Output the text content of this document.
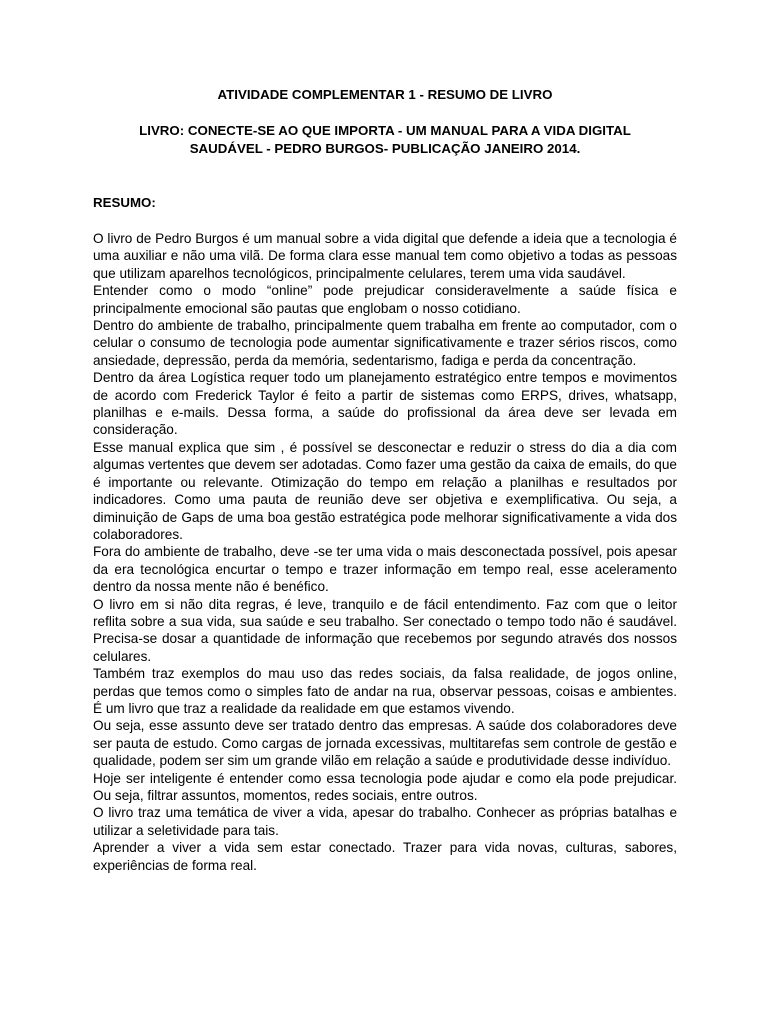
ATIVIDADE COMPLEMENTAR 1 - RESUMO DE LIVRO

LIVRO: CONECTE-SE AO QUE IMPORTA - UM MANUAL PARA A VIDA DIGITAL
SAUDÁVEL - PEDRO BURGOS- PUBLICAÇÃO JANEIRO 2014.

RESUMO:

O livro de Pedro Burgos é um manual sobre a vida digital que defende a ideia que a tecnologia é uma auxiliar e não uma vilã. De forma clara esse manual tem como objetivo a todas as pessoas que utilizam aparelhos tecnológicos, principalmente celulares, terem uma vida saudável.

Entender como o modo “online” pode prejudicar consideravelmente a saúde física e principalmente emocional são pautas que englobam o nosso cotidiano.

Dentro do ambiente de trabalho, principalmente quem trabalha em frente ao computador, com o celular o consumo de tecnologia pode aumentar significativamente e trazer sérios riscos, como ansiedade, depressão, perda da memória, sedentarismo, fadiga e perda da concentração.

Dentro da área Logística requer todo um planejamento estratégico entre tempos e movimentos de acordo com Frederick Taylor é feito a partir de sistemas como ERPS, drives, whatsapp, planilhas e e-mails. Dessa forma, a saúde do profissional da área deve ser levada em consideração.

Esse manual explica que sim , é possível se desconectar e reduzir o stress do dia a dia com algumas vertentes que devem ser adotadas. Como fazer uma gestão da caixa de emails, do que é importante ou relevante. Otimização do tempo em relação a planilhas e resultados por indicadores. Como uma pauta de reunião deve ser objetiva e exemplificativa. Ou seja, a diminuição de Gaps de uma boa gestão estratégica pode melhorar significativamente a vida dos colaboradores.

Fora do ambiente de trabalho, deve -se ter uma vida o mais desconectada possível, pois apesar da era tecnológica encurtar o tempo e trazer informação em tempo real, esse aceleramento dentro da nossa mente não é benéfico.

O livro em si não dita regras, é leve, tranquilo e de fácil entendimento. Faz com que o leitor reflita sobre a sua vida, sua saúde e seu trabalho. Ser conectado o tempo todo não é saudável. Precisa-se dosar a quantidade de informação que recebemos por segundo através dos nossos celulares.

Também traz exemplos do mau uso das redes sociais, da falsa realidade, de jogos online, perdas que temos como o simples fato de andar na rua, observar pessoas, coisas e ambientes. É um livro que traz a realidade da realidade em que estamos vivendo.

Ou seja, esse assunto deve ser tratado dentro das empresas. A saúde dos colaboradores deve ser pauta de estudo. Como cargas de jornada excessivas, multitarefas sem controle de gestão e qualidade, podem ser sim um grande vilão em relação a saúde e produtividade desse indivíduo.

Hoje ser inteligente é entender como essa tecnologia pode ajudar e como ela pode prejudicar. Ou seja, filtrar assuntos, momentos, redes sociais, entre outros.

O livro traz uma temática de viver a vida, apesar do trabalho. Conhecer as próprias batalhas e utilizar a seletividade para tais.

Aprender a viver a vida sem estar conectado. Trazer para vida novas, culturas, sabores, experiências de forma real.
